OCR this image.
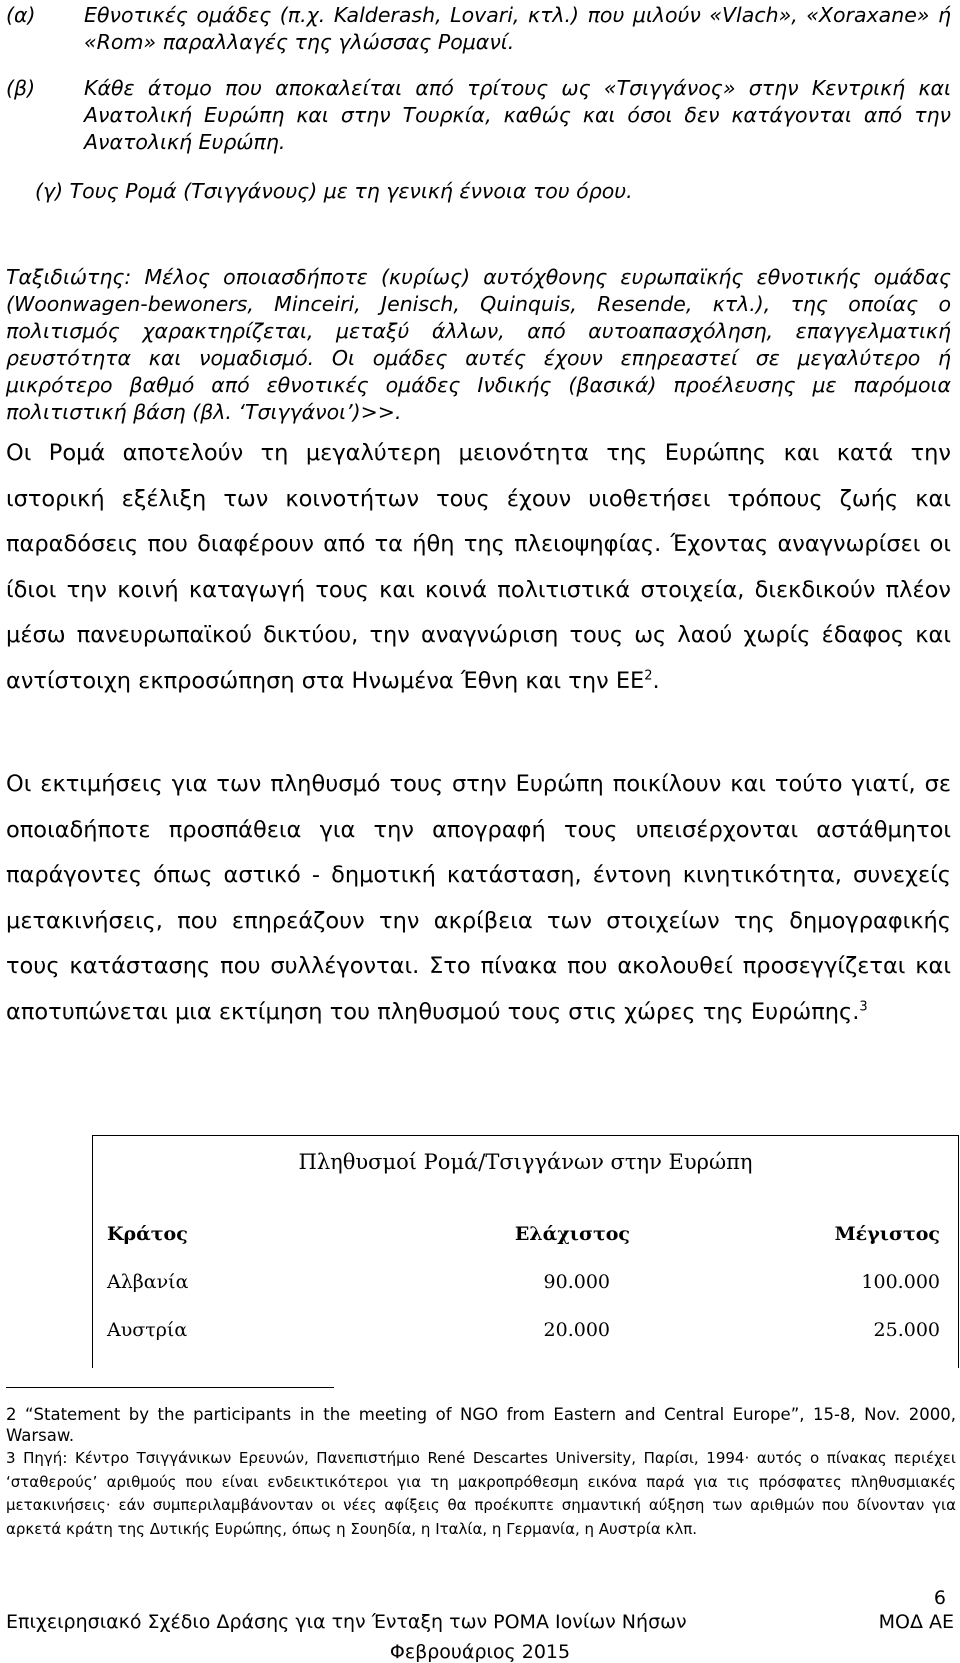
(α)	Εθνοτικές ομάδες (π.χ. Kalderash, Lovari, κτλ.) που μιλούν «Vlach», «Xoraxane» ή «Rom» παραλλαγές της γλώσσας Ρομανί.
(β)	Κάθε άτομο που αποκαλείται από τρίτους ως «Τσιγγάνος» στην Κεντρική και Ανατολική Ευρώπη και στην Τουρκία, καθώς και όσοι δεν κατάγονται από την Ανατολική Ευρώπη.

(γ) Τους Ρομά (Τσιγγάνους) με τη γενική έννοια του όρου.

Ταξιδιώτης: Μέλος οποιασδήποτε (κυρίως) αυτόχθονης ευρωπαϊκής εθνοτικής ομάδας (Woonwagen-bewoners, Minceiri, Jenisch, Quinquis, Resende, κτλ.), της οποίας ο πολιτισμός χαρακτηρίζεται, μεταξύ άλλων, από αυτοαπασχόληση, επαγγελματική ρευστότητα και νομαδισμό. Οι ομάδες αυτές έχουν επηρεαστεί σε μεγαλύτερο ή μικρότερο βαθμό από εθνοτικές ομάδες Ινδικής (βασικά) προέλευσης με παρόμοια πολιτιστική βάση (βλ. ‘Τσιγγάνοι’)>>.

Οι Ρομά αποτελούν τη μεγαλύτερη μειονότητα της Ευρώπης και κατά την ιστορική εξέλιξη των κοινοτήτων τους έχουν υιοθετήσει τρόπους ζωής και παραδόσεις που διαφέρουν από τα ήθη της πλειοψηφίας. Έχοντας αναγνωρίσει οι ίδιοι την κοινή καταγωγή τους και κοινά πολιτιστικά στοιχεία, διεκδικούν πλέον μέσω πανευρωπαϊκού δικτύου, την αναγνώριση τους ως λαού χωρίς έδαφος και αντίστοιχη εκπροσώπηση στα Ηνωμένα Έθνη και την $EE^2$.

Οι εκτιμήσεις για των πληθυσμό τους στην Ευρώπη ποικίλουν και τούτο γιατί, σε οποιαδήποτε προσπάθεια για την απογραφή τους υπεισέρχονται αστάθμητοι παράγοντες όπως αστικό - δημοτική κατάσταση, έντονη κινητικότητα, συνεχείς μετακινήσεις, που επηρεάζουν την ακρίβεια των στοιχείων της δημογραφικής τους κατάστασης που συλλέγονται. Στο πίνακα που ακολουθεί προσεγγίζεται και αποτυπώνεται μια εκτίμηση του πληθυσμού τους στις χώρες της Ευρώπης.$^3$

Πληθυσμοί Ρομά/Τσιγγάνων στην Ευρώπη
Κράτος	Ελάχιστος	Μέγιστος
Αλβανία	90.000	100.000
Αυστρία	20.000	25.000

2 “Statement by the participants in the meeting of NGO from Eastern and Central Europe”, 15-8, Nov. 2000, Warsaw.

3 Πηγή: Κέντρο Τσιγγάνικων Ερευνών, Πανεπιστήμιο René Descartes University, Παρίσι, 1994· αυτός ο πίνακας περιέχει ‘σταθερούς’ αριθμούς που είναι ενδεικτικότεροι για τη μακροπρόθεσμη εικόνα παρά για τις πρόσφατες πληθυσμιακές μετακινήσεις· εάν συμπεριλαμβάνονταν οι νέες αφίξεις θα προέκυπτε σημαντική αύξηση των αριθμών που δίνονταν για αρκετά κράτη της Δυτικής Ευρώπης, όπως η Σουηδία, η Ιταλία, η Γερμανία, η Αυστρία κλπ.

6
Επιχειρησιακό Σχέδιο Δράσης για την Ένταξη των ΡΟΜΑ Ιονίων Νήσων	ΜΟΔ ΑΕ
Φεβρουάριος 2015
